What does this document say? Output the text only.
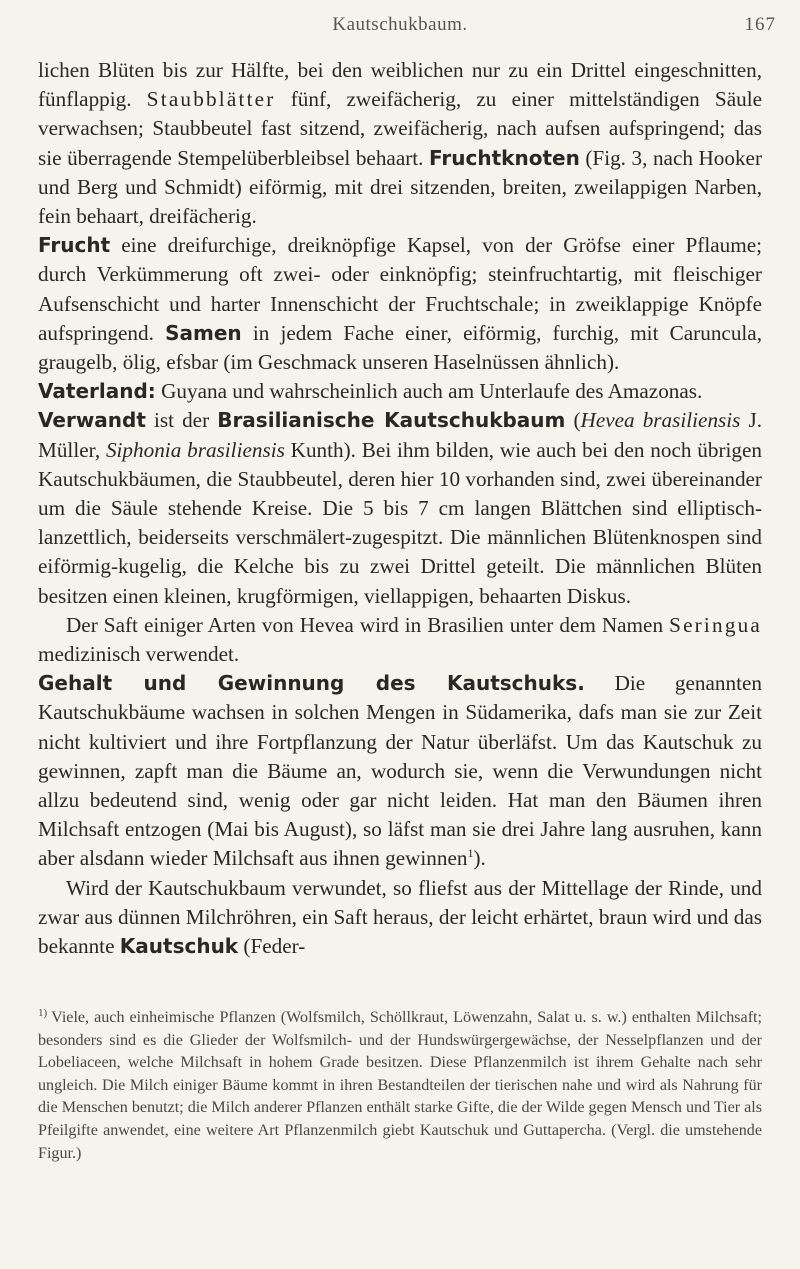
Kautschukbaum.	167

lichen Blüten bis zur Hälfte, bei den weiblichen nur zu ein Drittel eingeschnitten, fünflappig. Staubblätter fünf, zweifächerig, zu einer mittelständigen Säule verwachsen; Staubbeutel fast sitzend, zweifächerig, nach aufsen aufspringend; das sie überragende Stempelüberbleibsel behaart. Fruchtknoten (Fig. 3, nach Hooker und Berg und Schmidt) eiförmig, mit drei sitzenden, breiten, zweilappigen Narben, fein behaart, dreifächerig.

Frucht eine dreifurchige, dreiknöpfige Kapsel, von der Gröfse einer Pflaume; durch Verkümmerung oft zwei- oder einknöpfig; steinfruchtartig, mit fleischiger Aufsenschicht und harter Innenschicht der Fruchtschale; in zweiklappige Knöpfe aufspringend. Samen in jedem Fache einer, eiförmig, furchig, mit Caruncula, graugelb, ölig, efsbar (im Geschmack unseren Haselnüssen ähnlich).

Vaterland: Guyana und wahrscheinlich auch am Unterlaufe des Amazonas.

Verwandt ist der Brasilianische Kautschukbaum (Hevea brasiliensis J. Müller, Siphonia brasiliensis Kunth). Bei ihm bilden, wie auch bei den noch übrigen Kautschukbäumen, die Staubbeutel, deren hier 10 vorhanden sind, zwei übereinander um die Säule stehende Kreise. Die 5 bis 7 cm langen Blättchen sind elliptisch-lanzettlich, beiderseits verschmälert-zugespitzt. Die männlichen Blütenknospen sind eiförmig-kugelig, die Kelche bis zu zwei Drittel geteilt. Die männlichen Blüten besitzen einen kleinen, krugförmigen, viellappigen, behaarten Diskus.

Der Saft einiger Arten von Hevea wird in Brasilien unter dem Namen Seringua medizinisch verwendet.

Gehalt und Gewinnung des Kautschuks. Die genannten Kautschukbäume wachsen in solchen Mengen in Südamerika, dafs man sie zur Zeit nicht kultiviert und ihre Fortpflanzung der Natur überläfst. Um das Kautschuk zu gewinnen, zapft man die Bäume an, wodurch sie, wenn die Verwundungen nicht allzu bedeutend sind, wenig oder gar nicht leiden. Hat man den Bäumen ihren Milchsaft entzogen (Mai bis August), so läfst man sie drei Jahre lang ausruhen, kann aber alsdann wieder Milchsaft aus ihnen gewinnen$^1$).

Wird der Kautschukbaum verwundet, so fliefst aus der Mittellage der Rinde, und zwar aus dünnen Milchröhren, ein Saft heraus, der leicht erhärtet, braun wird und das bekannte Kautschuk (Feder-

$^{1)}$ Viele, auch einheimische Pflanzen (Wolfsmilch, Schöllkraut, Löwenzahn, Salat u. s. w.) enthalten Milchsaft; besonders sind es die Glieder der Wolfsmilch- und der Hundswürgergewächse, der Nesselpflanzen und der Lobeliaceen, welche Milchsaft in hohem Grade besitzen. Diese Pflanzenmilch ist ihrem Gehalte nach sehr ungleich. Die Milch einiger Bäume kommt in ihren Bestandteilen der tierischen nahe und wird als Nahrung für die Menschen benutzt; die Milch anderer Pflanzen enthält starke Gifte, die der Wilde gegen Mensch und Tier als Pfeilgifte anwendet, eine weitere Art Pflanzenmilch giebt Kautschuk und Guttapercha. (Vergl. die umstehende Figur.)
